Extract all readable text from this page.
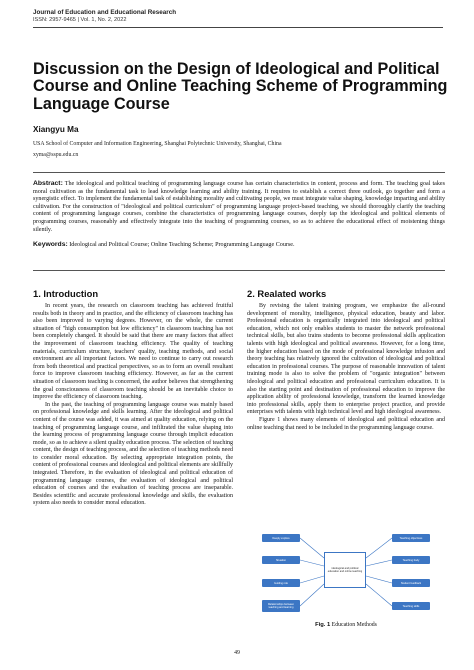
Journal of Education and Educational Research
ISSN: 2957-9465 | Vol. 1, No. 2, 2022
Discussion on the Design of Ideological and Political Course and Online Teaching Scheme of Programming Language Course
Xiangyu Ma
USA School of Computer and Information Engineering, Shanghai Polytechnic University, Shanghai, China
xyma@sspu.edu.cn
Abstract: The ideological and political teaching of programming language course has certain characteristics in content, process and form. The teaching goal takes moral cultivation as the fundamental task to lead knowledge learning and ability training. It requires to establish a correct three outlook, go together and form a synergistic effect. To implement the fundamental task of establishing morality and cultivating people, we must integrate value shaping, knowledge imparting and ability cultivation. For the construction of "ideological and political curriculum" of programming language project-based teaching, we should thoroughly clarify the teaching content of programming language courses, combine the characteristics of programming language courses, deeply tap the ideological and political elements of programming courses, reasonably and effectively integrate into the teaching of programming courses, so as to achieve the educational effect of moistening things silently.
Keywords: Ideological and Political Course; Online Teaching Scheme; Programming Language Course.
1. Introduction

In recent years, the research on classroom teaching has achieved fruitful results both in theory and in practice, and the efficiency of classroom teaching has also been improved to varying degrees. However, on the whole, the current situation of "high consumption but low efficiency" in classroom teaching has not been completely changed. It should be said that there are many factors that affect the improvement of classroom teaching efficiency. The quality of teaching materials, curriculum structure, teachers' quality, teaching methods, and social environment are all important factors. We need to continue to carry out research from both theoretical and practical perspectives, so as to form an overall resultant force to improve classroom teaching efficiency. However, as far as the current situation of classroom teaching is concerned, the author believes that strengthening the goal consciousness of classroom teaching should be an inevitable choice to improve the efficiency of classroom teaching.

In the past, the teaching of programming language course was mainly based on professional knowledge and skills learning. After the ideological and political content of the course was added, it was aimed at quality education, relying on the teaching of programming language course, and infiltrated the value shaping into the learning process of programming language course through implicit education mode, so as to achieve a silent quality education process. The selection of teaching content, the design of teaching process, and the selection of teaching methods need to consider moral education. By selecting appropriate integration points, the content of professional courses and ideological and political elements are skillfully integrated. Therefore, in the evaluation of ideological and political education of programming language courses, the evaluation of ideological and political education of courses and the evaluation of teaching process are inseparable. Besides scientific and accurate professional knowledge and skills, the evaluation system also needs to consider moral education.

2. Realated works

By revising the talent training program, we emphasize the all-round development of morality, intelligence, physical education, beauty and labor. Professional education is organically integrated into ideological and political education, which not only enables students to master the network professional technical skills, but also trains students to become professional skills application talents with high ideological and political awareness. However, for a long time, the higher education based on the mode of professional knowledge infusion and theory teaching has relatively ignored the cultivation of ideological and political education in professional courses. The purpose of reasonable innovation of talent training mode is also to solve the problem of "organic integration" between ideological and political education and professional curriculum education. It is also the starting point and destination of professional education to improve the application ability of professional knowledge, transform the learned knowledge into professional skills, apply them to enterprise project practice, and provide enterprises with talents with high technical level and high ideological awareness.

Figure 1 shows many elements of ideological and political education and online teaching that need to be included in the programming language course.

Deeply explore
Situation
Guiding role
Relationships between teaching and learning
ideological and political education and online teaching
Teaching objectives
Teaching body
Student feedback
Teaching skills
Fig. 1 Education Methods
49
